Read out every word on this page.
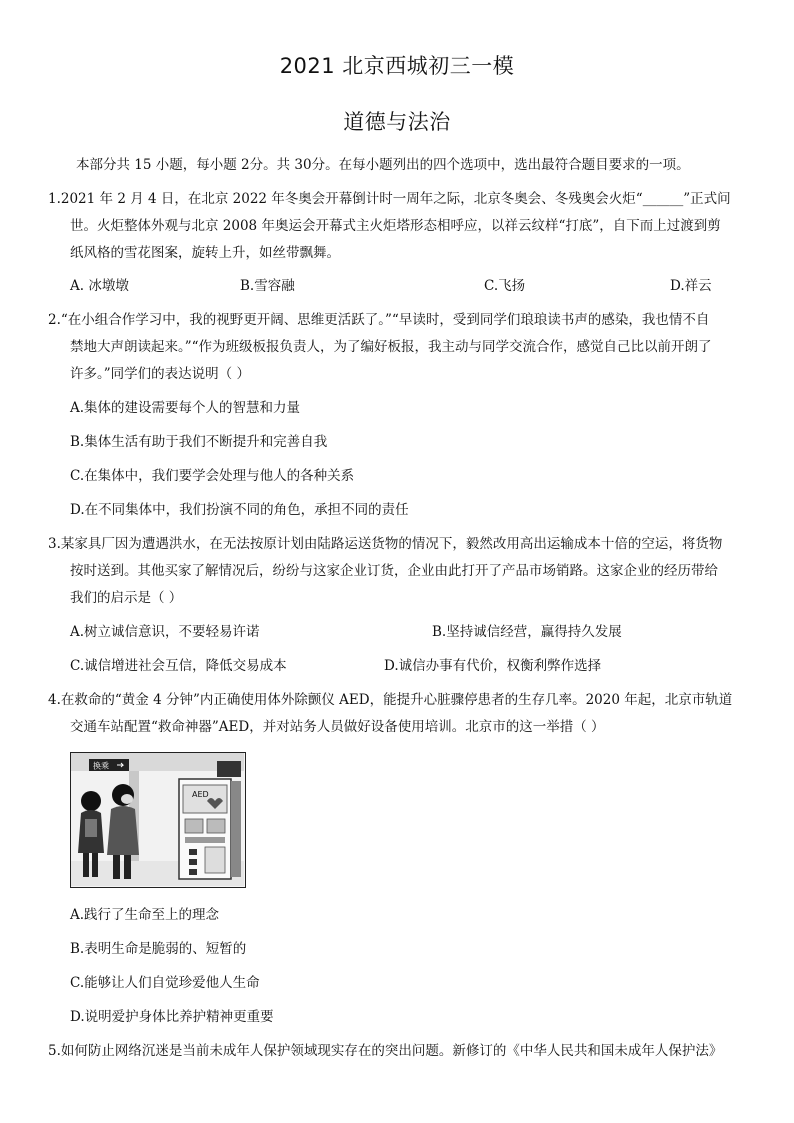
2021 北京西城初三一模
道德与法治
本部分共 15 小题，每小题 2分。共 30分。在每小题列出的四个选项中，选出最符合题目要求的一项。
1.2021 年 2 月 4 日，在北京 2022 年冬奥会开幕倒计时一周年之际，北京冬奥会、冬残奥会火炬“______”正式问
世。火炬整体外观与北京 2008 年奥运会开幕式主火炬塔形态相呼应，以祥云纹样“打底”，自下而上过渡到剪
纸风格的雪花图案，旋转上升，如丝带飘舞。
A. 冰墩墩	B.雪容融	C.飞扬	D.祥云
2.“在小组合作学习中，我的视野更开阔、思维更活跃了。”“早读时，受到同学们琅琅读书声的感染，我也情不自
禁地大声朗读起来。”“作为班级板报负责人，为了编好板报，我主动与同学交流合作，感觉自己比以前开朗了
许多。”同学们的表达说明（ ）
A.集体的建设需要每个人的智慧和力量
B.集体生活有助于我们不断提升和完善自我
C.在集体中，我们要学会处理与他人的各种关系
D.在不同集体中，我们扮演不同的角色，承担不同的责任
3.某家具厂因为遭遇洪水，在无法按原计划由陆路运送货物的情况下，毅然改用高出运输成本十倍的空运，将货物
按时送到。其他买家了解情况后，纷纷与这家企业订货，企业由此打开了产品市场销路。这家企业的经历带给
我们的启示是（ ）
A.树立诚信意识，不要轻易许诺	B.坚持诚信经营，赢得持久发展
C.诚信增进社会互信，降低交易成本	D.诚信办事有代价，权衡利弊作选择
4.在救命的“黄金 4 分钟”内正确使用体外除颤仪 AED，能提升心脏骤停患者的生存几率。2020 年起，北京市轨道
交通车站配置“救命神器”AED，并对站务人员做好设备使用培训。北京市的这一举措（ ）
换乘
AED
A.践行了生命至上的理念
B.表明生命是脆弱的、短暂的
C.能够让人们自觉珍爱他人生命
D.说明爱护身体比养护精神更重要
5.如何防止网络沉迷是当前未成年人保护领域现实存在的突出问题。新修订的《中华人民共和国未成年人保护法》
